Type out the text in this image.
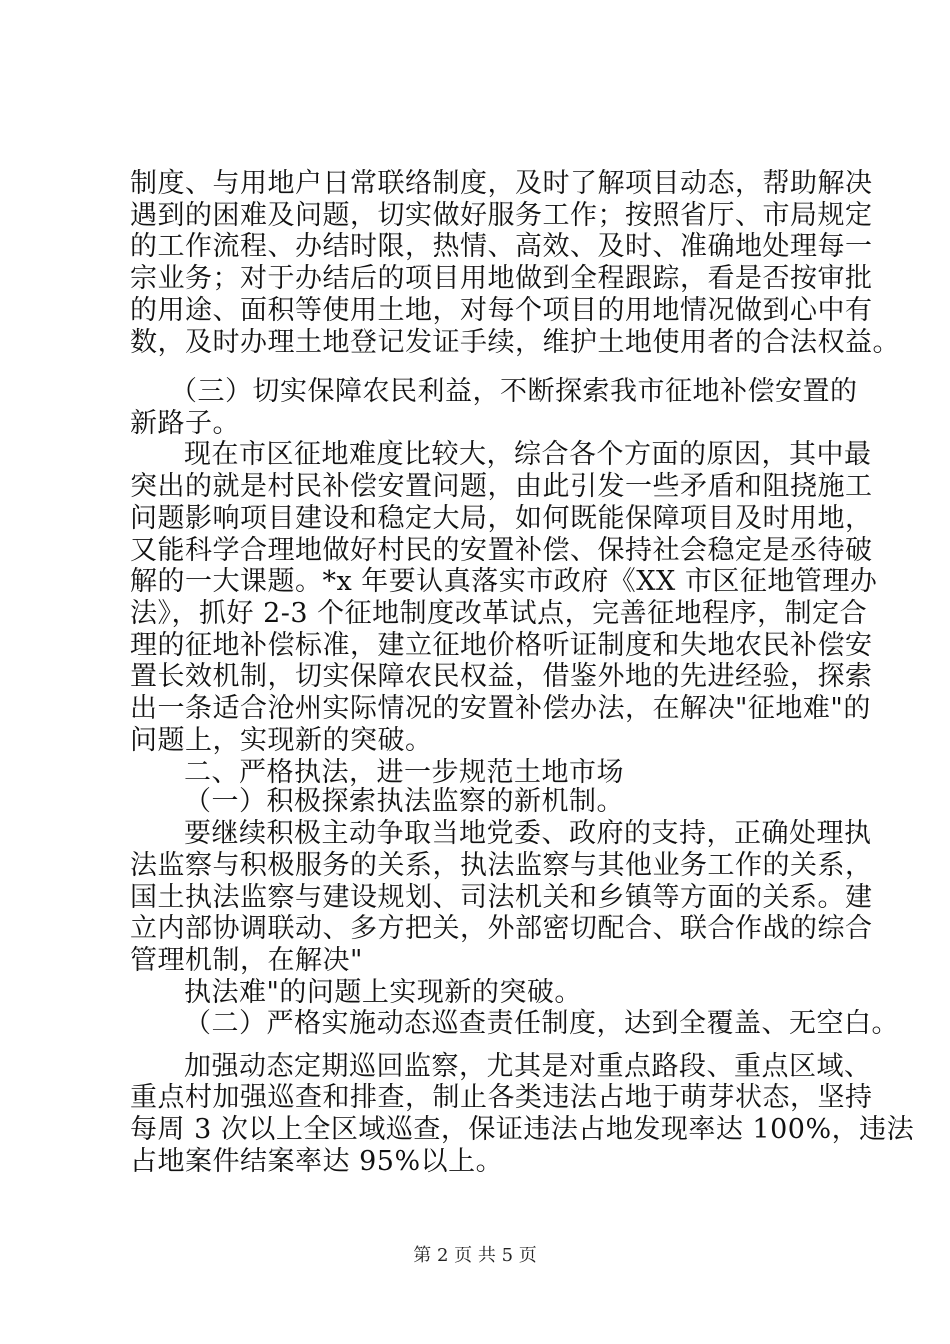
制度、与用地户日常联络制度，及时了解项目动态，帮助解决
遇到的困难及问题，切实做好服务工作；按照省厅、市局规定
的工作流程、办结时限，热情、高效、及时、准确地处理每一
宗业务；对于办结后的项目用地做到全程跟踪，看是否按审批
的用途、面积等使用土地，对每个项目的用地情况做到心中有
数，及时办理土地登记发证手续，维护土地使用者的合法权益。
（三）切实保障农民利益，不断探索我市征地补偿安置的
新路子。
现在市区征地难度比较大，综合各个方面的原因，其中最
突出的就是村民补偿安置问题，由此引发一些矛盾和阻挠施工
问题影响项目建设和稳定大局，如何既能保障项目及时用地，
又能科学合理地做好村民的安置补偿、保持社会稳定是丞待破
解的一大课题。*x 年要认真落实市政府《XX 市区征地管理办
法》，抓好 2-3 个征地制度改革试点，完善征地程序，制定合
理的征地补偿标准，建立征地价格听证制度和失地农民补偿安
置长效机制，切实保障农民权益，借鉴外地的先进经验，探索
出一条适合沧州实际情况的安置补偿办法，在解决"征地难"的
问题上，实现新的突破。
二、严格执法，进一步规范土地市场
（一）积极探索执法监察的新机制。
要继续积极主动争取当地党委、政府的支持，正确处理执
法监察与积极服务的关系，执法监察与其他业务工作的关系，
国土执法监察与建设规划、司法机关和乡镇等方面的关系。建
立内部协调联动、多方把关，外部密切配合、联合作战的综合
管理机制，在解决"
执法难"的问题上实现新的突破。
（二）严格实施动态巡查责任制度，达到全覆盖、无空白。
加强动态定期巡回监察，尤其是对重点路段、重点区域、
重点村加强巡查和排查，制止各类违法占地于萌芽状态，坚持
每周 3 次以上全区域巡查，保证违法占地发现率达 100%，违法
占地案件结案率达 95%以上。
第 2 页 共 5 页
